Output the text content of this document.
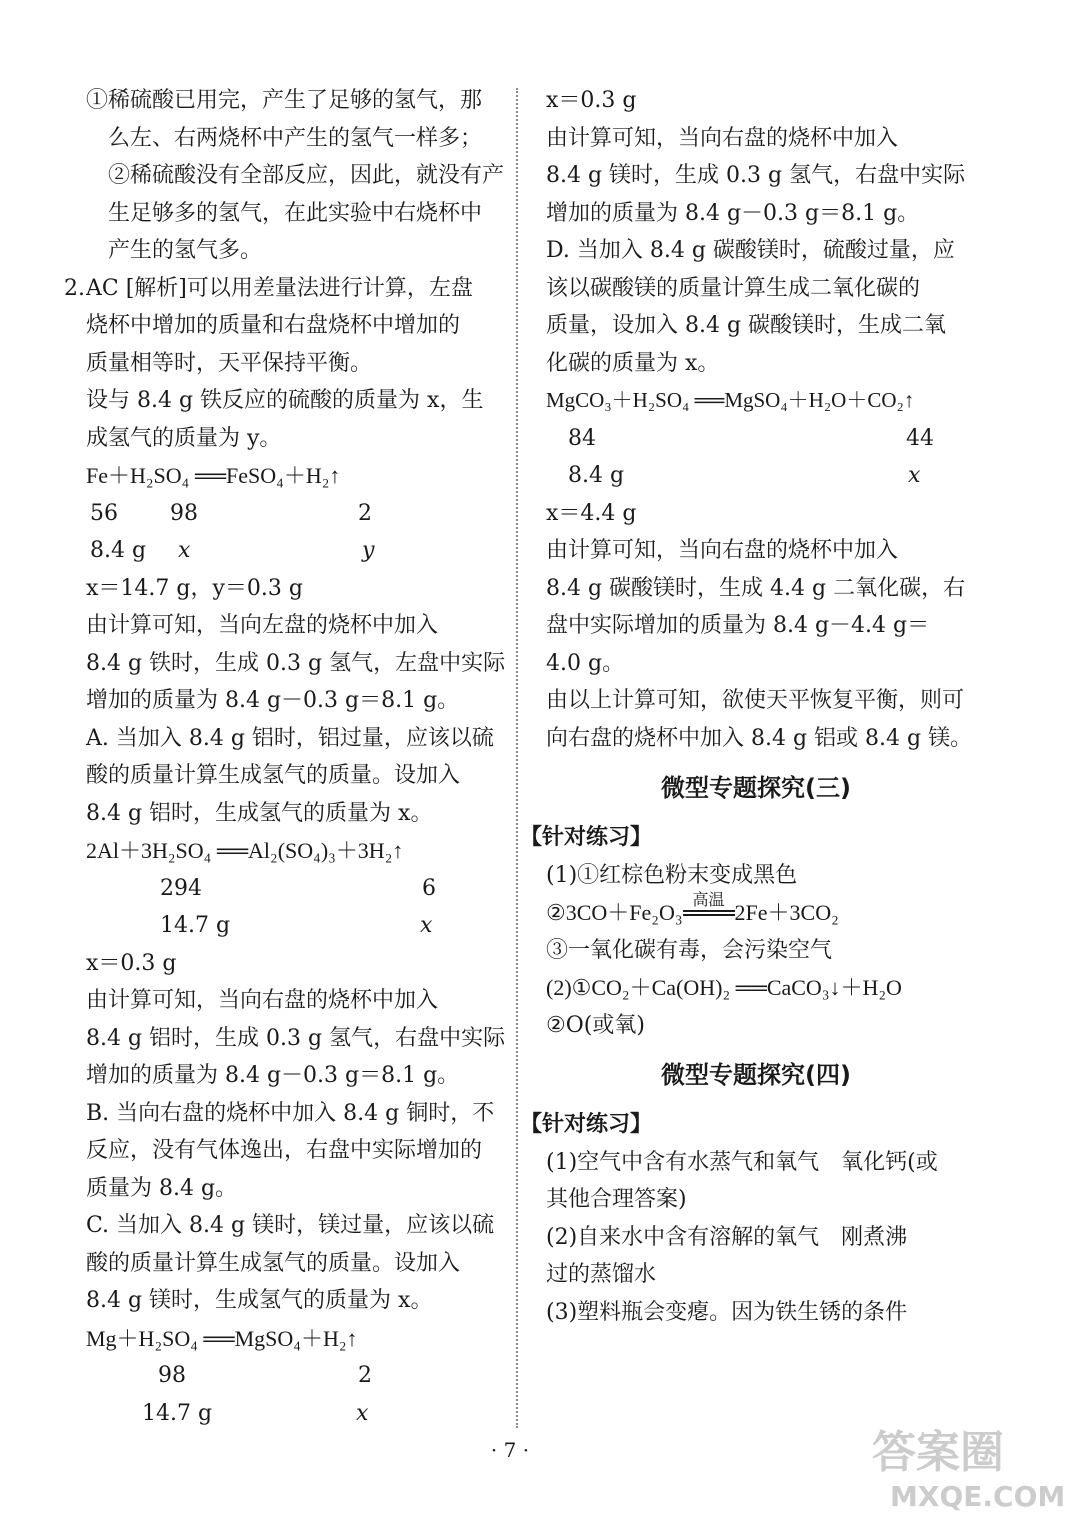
①稀硫酸已用完，产生了足够的氢气，那
么左、右两烧杯中产生的氢气一样多；
②稀硫酸没有全部反应，因此，就没有产
生足够多的氢气，在此实验中右烧杯中
产生的氢气多。
2. AC [解析]可以用差量法进行计算，左盘
烧杯中增加的质量和右盘烧杯中增加的
质量相等时，天平保持平衡。
设与 8.4 g 铁反应的硫酸的质量为 x，生
成氢气的质量为 y。
Fe＋H₂SO₄ ══FeSO₄＋H₂↑
56 98	2
8.4 g x	y
x＝14.7 g，y＝0.3 g
由计算可知，当向左盘的烧杯中加入
8.4 g 铁时，生成 0.3 g 氢气，左盘中实际
增加的质量为 8.4 g－0.3 g＝8.1 g。
A. 当加入 8.4 g 铝时，铝过量，应该以硫
酸的质量计算生成氢气的质量。设加入
8.4 g 铝时，生成氢气的质量为 x。
2Al＋3H₂SO₄ ══Al₂(SO₄)₃＋3H₂↑
294	6
14.7 g	x
x＝0.3 g
由计算可知，当向右盘的烧杯中加入
8.4 g 铝时，生成 0.3 g 氢气，右盘中实际
增加的质量为 8.4 g－0.3 g＝8.1 g。
B. 当向右盘的烧杯中加入 8.4 g 铜时，不
反应，没有气体逸出，右盘中实际增加的
质量为 8.4 g。
C. 当加入 8.4 g 镁时，镁过量，应该以硫
酸的质量计算生成氢气的质量。设加入
8.4 g 镁时，生成氢气的质量为 x。
Mg＋H₂SO₄ ══MgSO₄＋H₂↑
98	2
14.7 g	x
x＝0.3 g
由计算可知，当向右盘的烧杯中加入
8.4 g 镁时，生成 0.3 g 氢气，右盘中实际
增加的质量为 8.4 g－0.3 g＝8.1 g。
D. 当加入 8.4 g 碳酸镁时，硫酸过量，应
该以碳酸镁的质量计算生成二氧化碳的
质量，设加入 8.4 g 碳酸镁时，生成二氧
化碳的质量为 x。
MgCO₃＋H₂SO₄ ══MgSO₄＋H₂O＋CO₂↑
84	44
8.4 g	x
x＝4.4 g
由计算可知，当向右盘的烧杯中加入
8.4 g 碳酸镁时，生成 4.4 g 二氧化碳，右
盘中实际增加的质量为 8.4 g－4.4 g＝
4.0 g。
由以上计算可知，欲使天平恢复平衡，则可
向右盘的烧杯中加入 8.4 g 铝或 8.4 g 镁。
微型专题探究(三)
【针对练习】
(1)①红棕色粉末变成黑色
②3CO＋Fe₂O₃ 高温 2Fe＋3CO₂
③一氧化碳有毒，会污染空气
(2)①CO₂＋Ca(OH)₂ ══CaCO₃↓＋H₂O
②O(或氧)
微型专题探究(四)
【针对练习】
(1)空气中含有水蒸气和氧气　氧化钙(或
其他合理答案)
(2)自来水中含有溶解的氧气　刚煮沸
过的蒸馏水
(3)塑料瓶会变瘪。因为铁生锈的条件
· 7 ·	答案圈
MXQE.COM
